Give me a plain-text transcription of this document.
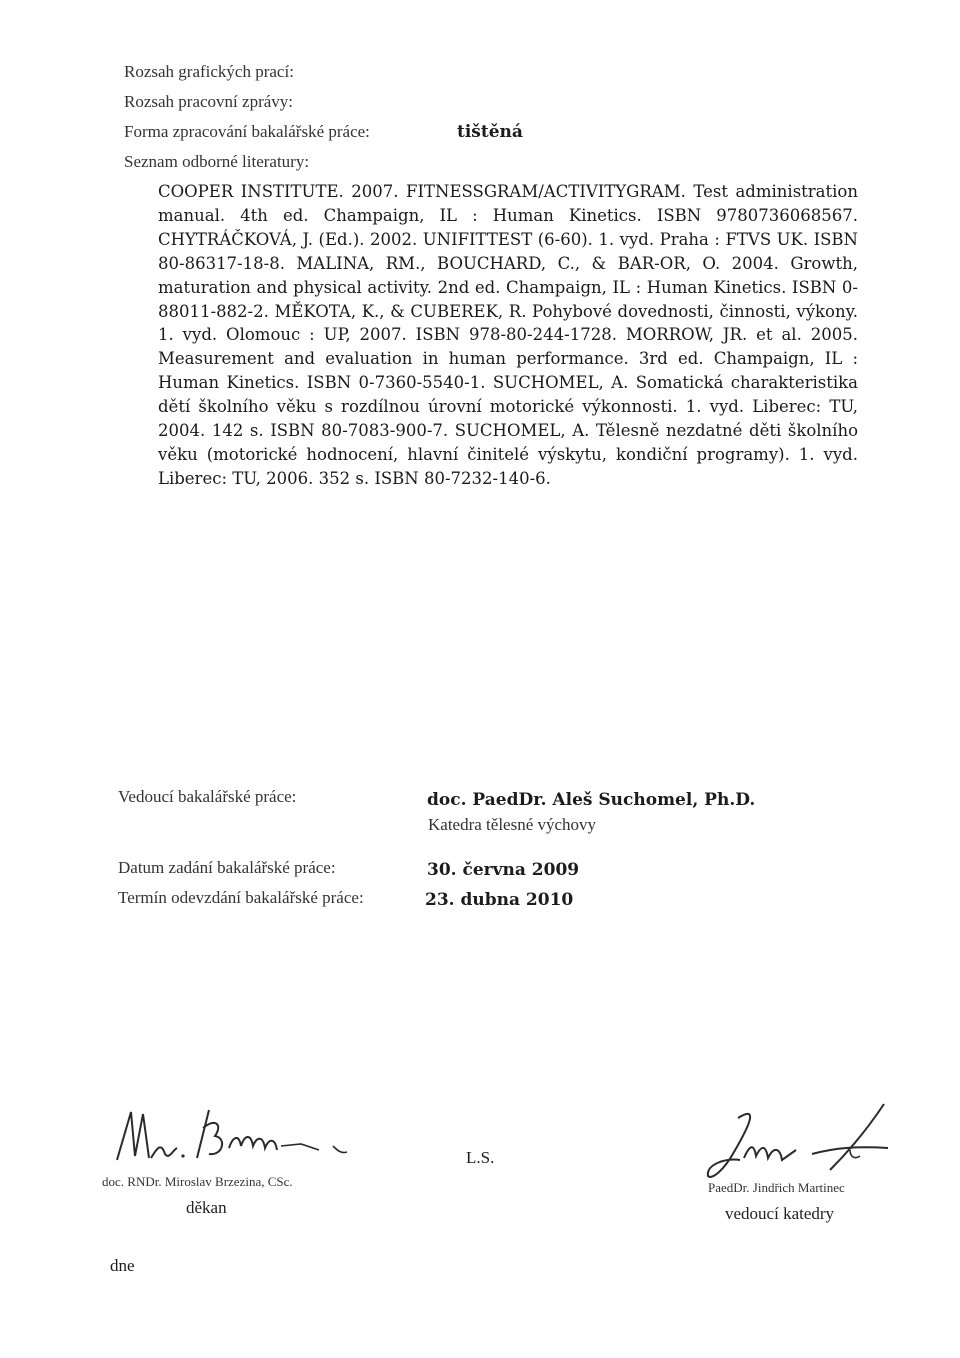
Rozsah grafických prací:
Rozsah pracovní zprávy:
Forma zpracování bakalářské práce:	tištěná
Seznam odborné literatury:
COOPER INSTITUTE. 2007. FITNESSGRAM/ACTIVITYGRAM. Test administration manual. 4th ed. Champaign, IL : Human Kinetics. ISBN 9780736068567. CHYTRÁČKOVÁ, J. (Ed.). 2002. UNIFITTEST (6-60). 1. vyd. Praha : FTVS UK. ISBN 80-86317-18-8. MALINA, RM., BOUCHARD, C., & BAR-OR, O. 2004. Growth, maturation and physical activity. 2nd ed. Champaign, IL : Human Kinetics. ISBN 0-88011-882-2. MĚKOTA, K., & CUBEREK, R. Pohybové dovednosti, činnosti, výkony. 1. vyd. Olomouc : UP, 2007. ISBN 978-80-244-1728. MORROW, JR. et al. 2005. Measurement and evaluation in human performance. 3rd ed. Champaign, IL : Human Kinetics. ISBN 0-7360-5540-1. SUCHOMEL, A. Somatická charakteristika dětí školního věku s rozdílnou úrovní motorické výkonnosti. 1. vyd. Liberec: TU, 2004. 142 s. ISBN 80-7083-900-7. SUCHOMEL, A. Tělesně nezdatné děti školního věku (motorické hodnocení, hlavní činitelé výskytu, kondiční programy). 1. vyd. Liberec: TU, 2006. 352 s. ISBN 80-7232-140-6.
Vedoucí bakalářské práce:	doc. PaedDr. Aleš Suchomel, Ph.D.
Katedra tělesné výchovy
Datum zadání bakalářské práce:	30. června 2009
Termín odevzdání bakalářské práce:	23. dubna 2010
doc. RNDr. Miroslav Brzezina, CSc.
děkan
L.S.
PaedDr. Jindřich Martinec
vedoucí katedry
dne
